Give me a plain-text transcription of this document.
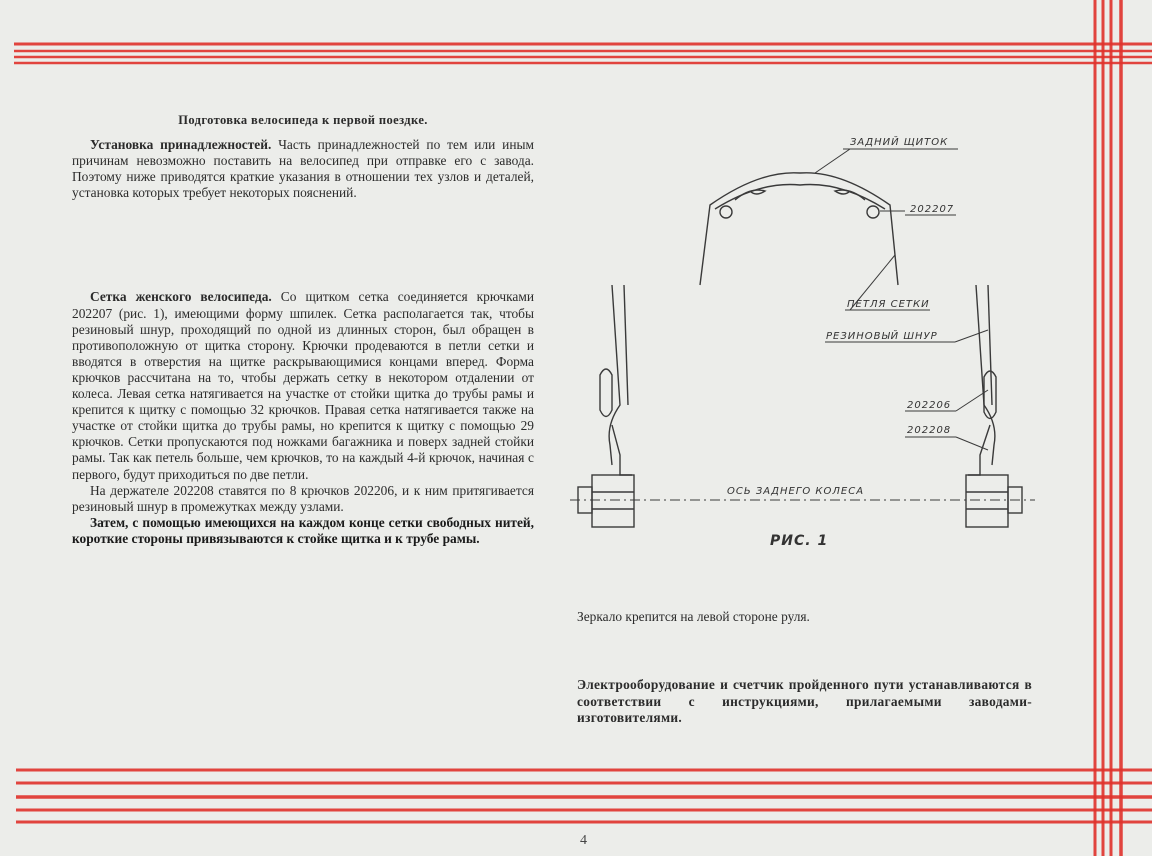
Подготовка велосипеда к первой поездке.

Установка принадлежностей. Часть принадлежностей по тем или иным причинам невозможно поставить на велосипед при отправке его с завода. Поэтому ниже приводятся краткие указания в отношении тех узлов и деталей, установка которых требует некоторых пояснений.

Сетка женского велосипеда. Со щитком сетка соединяется крючками 202207 (рис. 1), имеющими форму шпилек. Сетка располагается так, чтобы резиновый шнур, проходящий по одной из длинных сторон, был обращен в противоположную от щитка сторону. Крючки продеваются в петли сетки и вводятся в отверстия на щитке раскрывающимися концами вперед. Форма крючков рассчитана на то, чтобы держать сетку в некотором отдалении от колеса. Левая сетка натягивается на участке от стойки щитка до трубы рамы и крепится к щитку с помощью 32 крючков. Правая сетка натягивается также на участке от стойки щитка до трубы рамы, но крепится к щитку с помощью 29 крючков. Сетки пропускаются под ножками багажника и поверх задней стойки рамы. Так как петель больше, чем крючков, то на каждый 4-й крючок, начиная с первого, будут приходиться по две петли.

На держателе 202208 ставятся по 8 крючков 202206, и к ним притягивается резиновый шнур в промежутках между узлами.

Затем, с помощью имеющихся на каждом конце сетки свободных нитей, короткие стороны привязываются к стойке щитка и к трубе рамы.

ЗАДНИЙ ЩИТОК
202207
ПЕТЛЯ СЕТКИ
РЕЗИНОВЫЙ ШНУР
202206
202208
ОСЬ ЗАДНЕГО КОЛЕСА
РИС. 1
Зеркало крепится на левой стороне руля.
Электрооборудование и счетчик пройденного пути устанавливаются в соответствии с инструкциями, прилагаемыми заводами-изготовителями.
4
